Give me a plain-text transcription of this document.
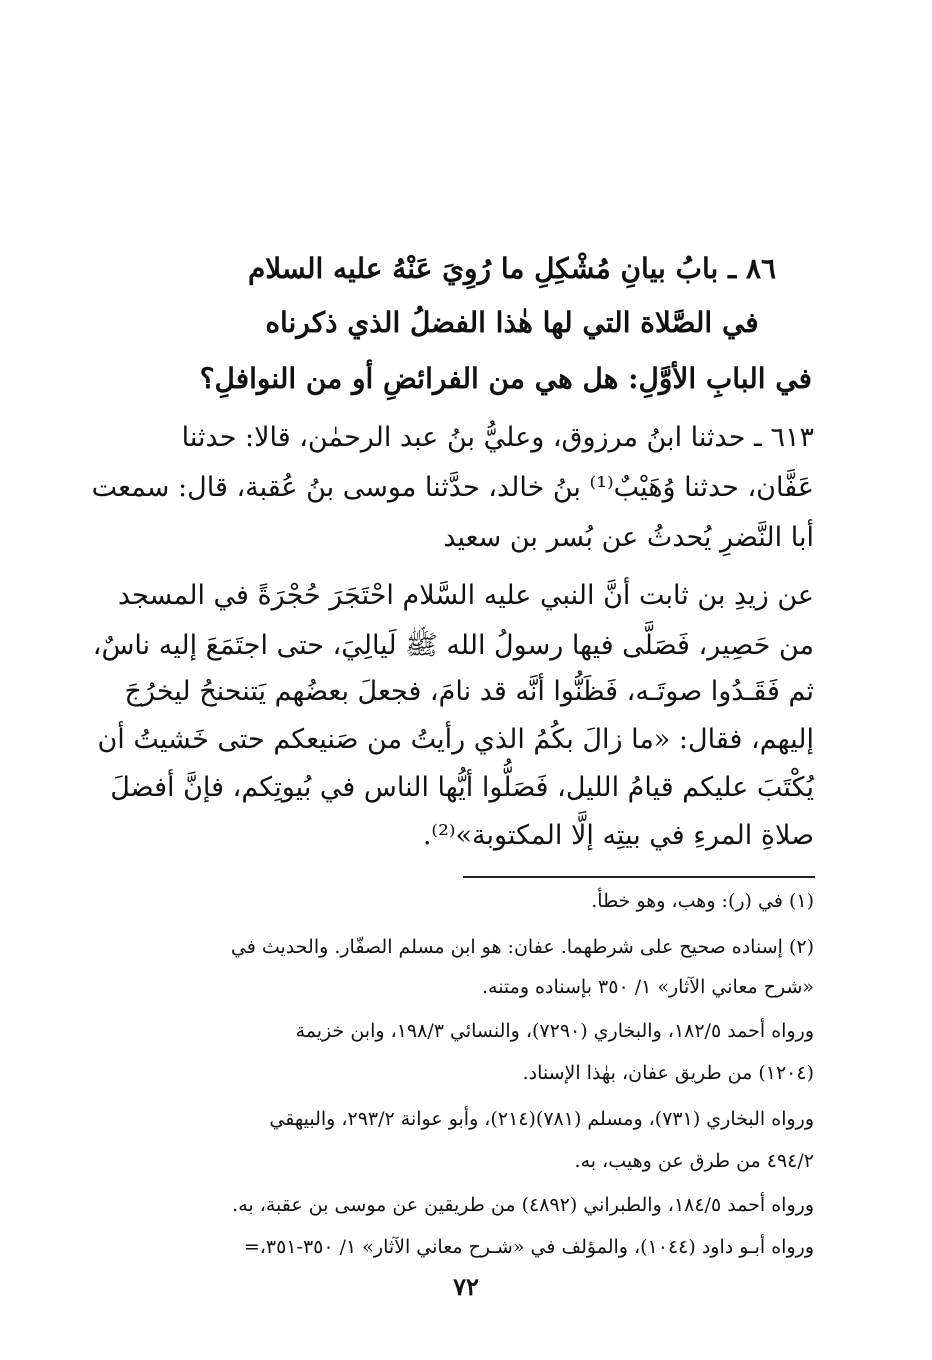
٨٦ ـ بابُ بيانِ مُشْكِلِ ما رُوِيَ عَنْهُ عليه السلام
في الصَّلاة التي لها هٰذا الفضلُ الذي ذكرناه
في البابِ الأوَّلِ: هل هي من الفرائضِ أو من النوافلِ؟
٦١٣ ـ حدثنا ابنُ مرزوق، وعليُّ بنُ عبد الرحمٰن، قالا: حدثنا
عَفَّان، حدثنا وُهَيْبٌ⁽¹⁾ بنُ خالد، حدَّثنا موسى بنُ عُقبة، قال: سمعت
أبا النَّضرِ يُحدثُ عن بُسر بن سعيد
عن زيدِ بن ثابت أنَّ النبي عليه السَّلام احْتَجَرَ حُجْرَةً في المسجد
من حَصِير، فَصَلَّى فيها رسولُ الله ﷺ لَيالِيَ، حتى اجتَمَعَ إليه ناسٌ،
ثم فَقَـدُوا صوتَـه، فَظَنُّوا أنَّه قد نامَ، فجعلَ بعضُهم يَتنحنحُ ليخرُجَ
إليهم، فقال: «ما زالَ بكُمُ الذي رأيتُ من صَنيعكم حتى خَشيتُ أن
يُكْتَبَ عليكم قيامُ الليل، فَصَلُّوا أيُّها الناس في بُيوتِكم، فإنَّ أفضلَ
صلاةِ المرءِ في بيتِه إلَّا المكتوبة»⁽²⁾.
(١) في (ر): وهب، وهو خطأ.
(٢) إسناده صحيح على شرطهما. عفان: هو ابن مسلم الصفّار. والحديث في
«شرح معاني الآثار» ١/ ٣٥٠ بإسناده ومتنه.
ورواه أحمد ١٨٢/٥، والبخاري (٧٢٩٠)، والنسائي ١٩٨/٣، وابن خزيمة
(١٢٠٤) من طريق عفان، بهٰذا الإسناد.
ورواه البخاري (٧٣١)، ومسلم (٧٨١)(٢١٤)، وأبو عوانة ٢٩٣/٢، والبيهقي
٤٩٤/٢ من طرق عن وهيب، به.
ورواه أحمد ١٨٤/٥، والطبراني (٤٨٩٢) من طريقين عن موسى بن عقبة، به.
ورواه أبـو داود (١٠٤٤)، والمؤلف في «شـرح معاني الآثار» ١/ ٣٥٠-٣٥١،=
٧٢
